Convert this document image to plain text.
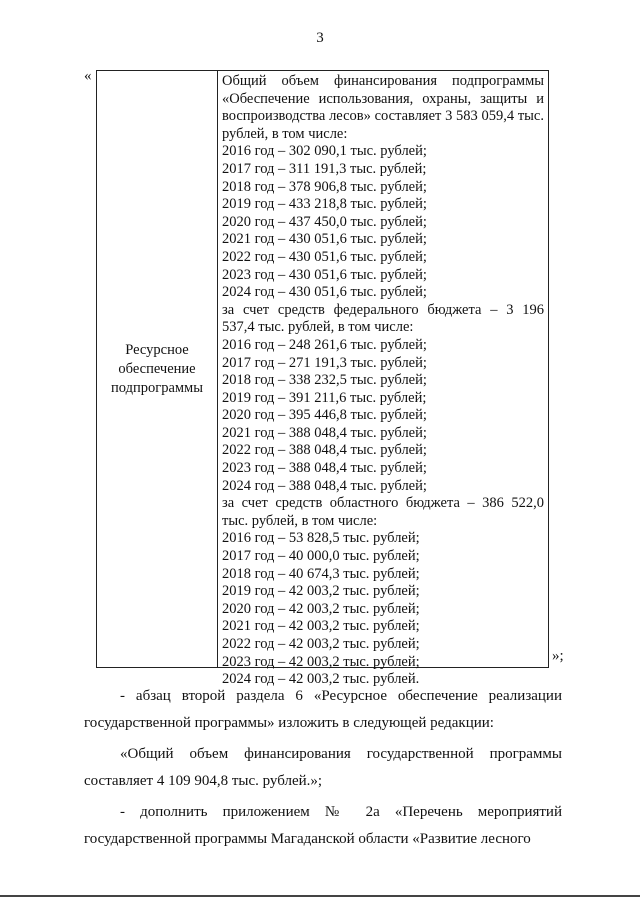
3
«
Ресурсное
обеспечение
подпрограммы
Общий объем финансирования подпрограммы «Обеспечение использования, охраны, защиты и воспроизводства лесов» составляет 3 583 059,4 тыс. рублей, в том числе:
2016 год – 302 090,1 тыс. рублей;
2017 год – 311 191,3 тыс. рублей;
2018 год – 378 906,8 тыс. рублей;
2019 год – 433 218,8 тыс. рублей;
2020 год – 437 450,0 тыс. рублей;
2021 год – 430 051,6 тыс. рублей;
2022 год – 430 051,6 тыс. рублей;
2023 год – 430 051,6 тыс. рублей;
2024 год – 430 051,6 тыс. рублей;
за счет средств федерального бюджета – 3 196 537,4 тыс. рублей, в том числе:
2016 год – 248 261,6 тыс. рублей;
2017 год – 271 191,3 тыс. рублей;
2018 год – 338 232,5 тыс. рублей;
2019 год – 391 211,6 тыс. рублей;
2020 год – 395 446,8 тыс. рублей;
2021 год – 388 048,4 тыс. рублей;
2022 год – 388 048,4 тыс. рублей;
2023 год – 388 048,4 тыс. рублей;
2024 год – 388 048,4 тыс. рублей;
за счет средств областного бюджета – 386 522,0 тыс. рублей, в том числе:
2016 год – 53 828,5 тыс. рублей;
2017 год – 40 000,0 тыс. рублей;
2018 год – 40 674,3 тыс. рублей;
2019 год – 42 003,2 тыс. рублей;
2020 год – 42 003,2 тыс. рублей;
2021 год – 42 003,2 тыс. рублей;
2022 год – 42 003,2 тыс. рублей;
2023 год – 42 003,2 тыс. рублей;
2024 год – 42 003,2 тыс. рублей.
»;

- абзац второй раздела 6 «Ресурсное обеспечение реализации государственной программы» изложить в следующей редакции:

«Общий объем финансирования государственной программы составляет 4 109 904,8 тыс. рублей.»;

- дополнить приложением № 2а «Перечень мероприятий государственной программы Магаданской области «Развитие лесного
